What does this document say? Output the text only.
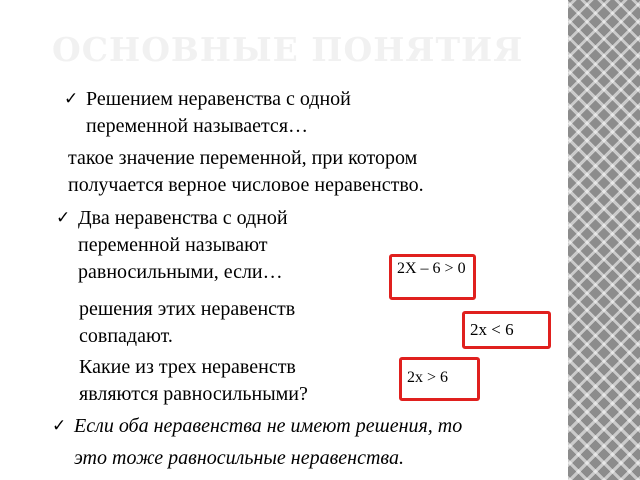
ОСНОВНЫЕ ПОНЯТИЯ
✓ Решением неравенства с одной
переменной называется…
такое значение переменной, при котором
получается верное числовое неравенство.
✓ Два неравенства с одной
переменной называют
равносильными, если…
решения этих неравенств
совпадают.
Какие из трех неравенств
являются равносильными?
✓ Если оба неравенства не имеют решения, то
это тоже равносильные неравенства.
2Х – 6 > 0
2х < 6
2х > 6
